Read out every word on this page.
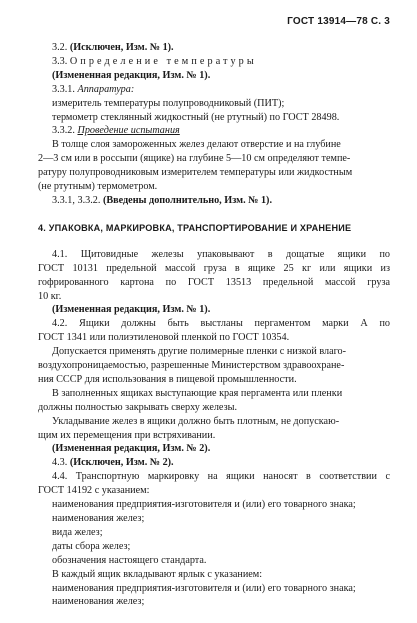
ГОСТ 13914—78 С. 3

3.2. (Исключен, Изм. № 1).

3.3. Определение температуры

(Измененная редакция, Изм. № 1).

3.3.1. Аппаратура:

измеритель температуры полупроводниковый (ПИТ);

термометр стеклянный жидкостный (не ртутный) по ГОСТ 28498.

3.3.2. Проведение испытания

В толще слоя замороженных желез делают отверстие и на глубине

2—3 см или в россыпи (ящике) на глубине 5—10 см определяют темпе-

ратуру полупроводниковым измерителем температуры или жидкостным

(не ртутным) термометром.

3.3.1, 3.3.2. (Введены дополнительно, Изм. № 1).

4. УПАКОВКА, МАРКИРОВКА, ТРАНСПОРТИРОВАНИЕ И ХРАНЕНИЕ

4.1. Щитовидные железы упаковывают в дощатые ящики по

ГОСТ 10131 предельной массой груза в ящике 25 кг или ящики из

гофрированного картона по ГОСТ 13513 предельной массой груза

10 кг.

(Измененная редакция, Изм. № 1).

4.2. Ящики должны быть выстланы пергаментом марки А по

ГОСТ 1341 или полиэтиленовой пленкой по ГОСТ 10354.

Допускается применять другие полимерные пленки с низкой влаго-

воздухопроницаемостью, разрешенные Министерством здравоохране-

ния СССР для использования в пищевой промышленности.

В заполненных ящиках выступающие края пергамента или пленки

должны полностью закрывать сверху железы.

Укладывание желез в ящики должно быть плотным, не допускаю-

щим их перемещения при встряхивании.

(Измененная редакция, Изм. № 2).

4.3. (Исключен, Изм. № 2).

4.4. Транспортную маркировку на ящики наносят в соответствии с

ГОСТ 14192 с указанием:

наименования предприятия-изготовителя и (или) его товарного знака;

наименования желез;

вида желез;

даты сбора желез;

обозначения настоящего стандарта.

В каждый ящик вкладывают ярлык с указанием:

наименования предприятия-изготовителя и (или) его товарного знака;

наименования желез;
